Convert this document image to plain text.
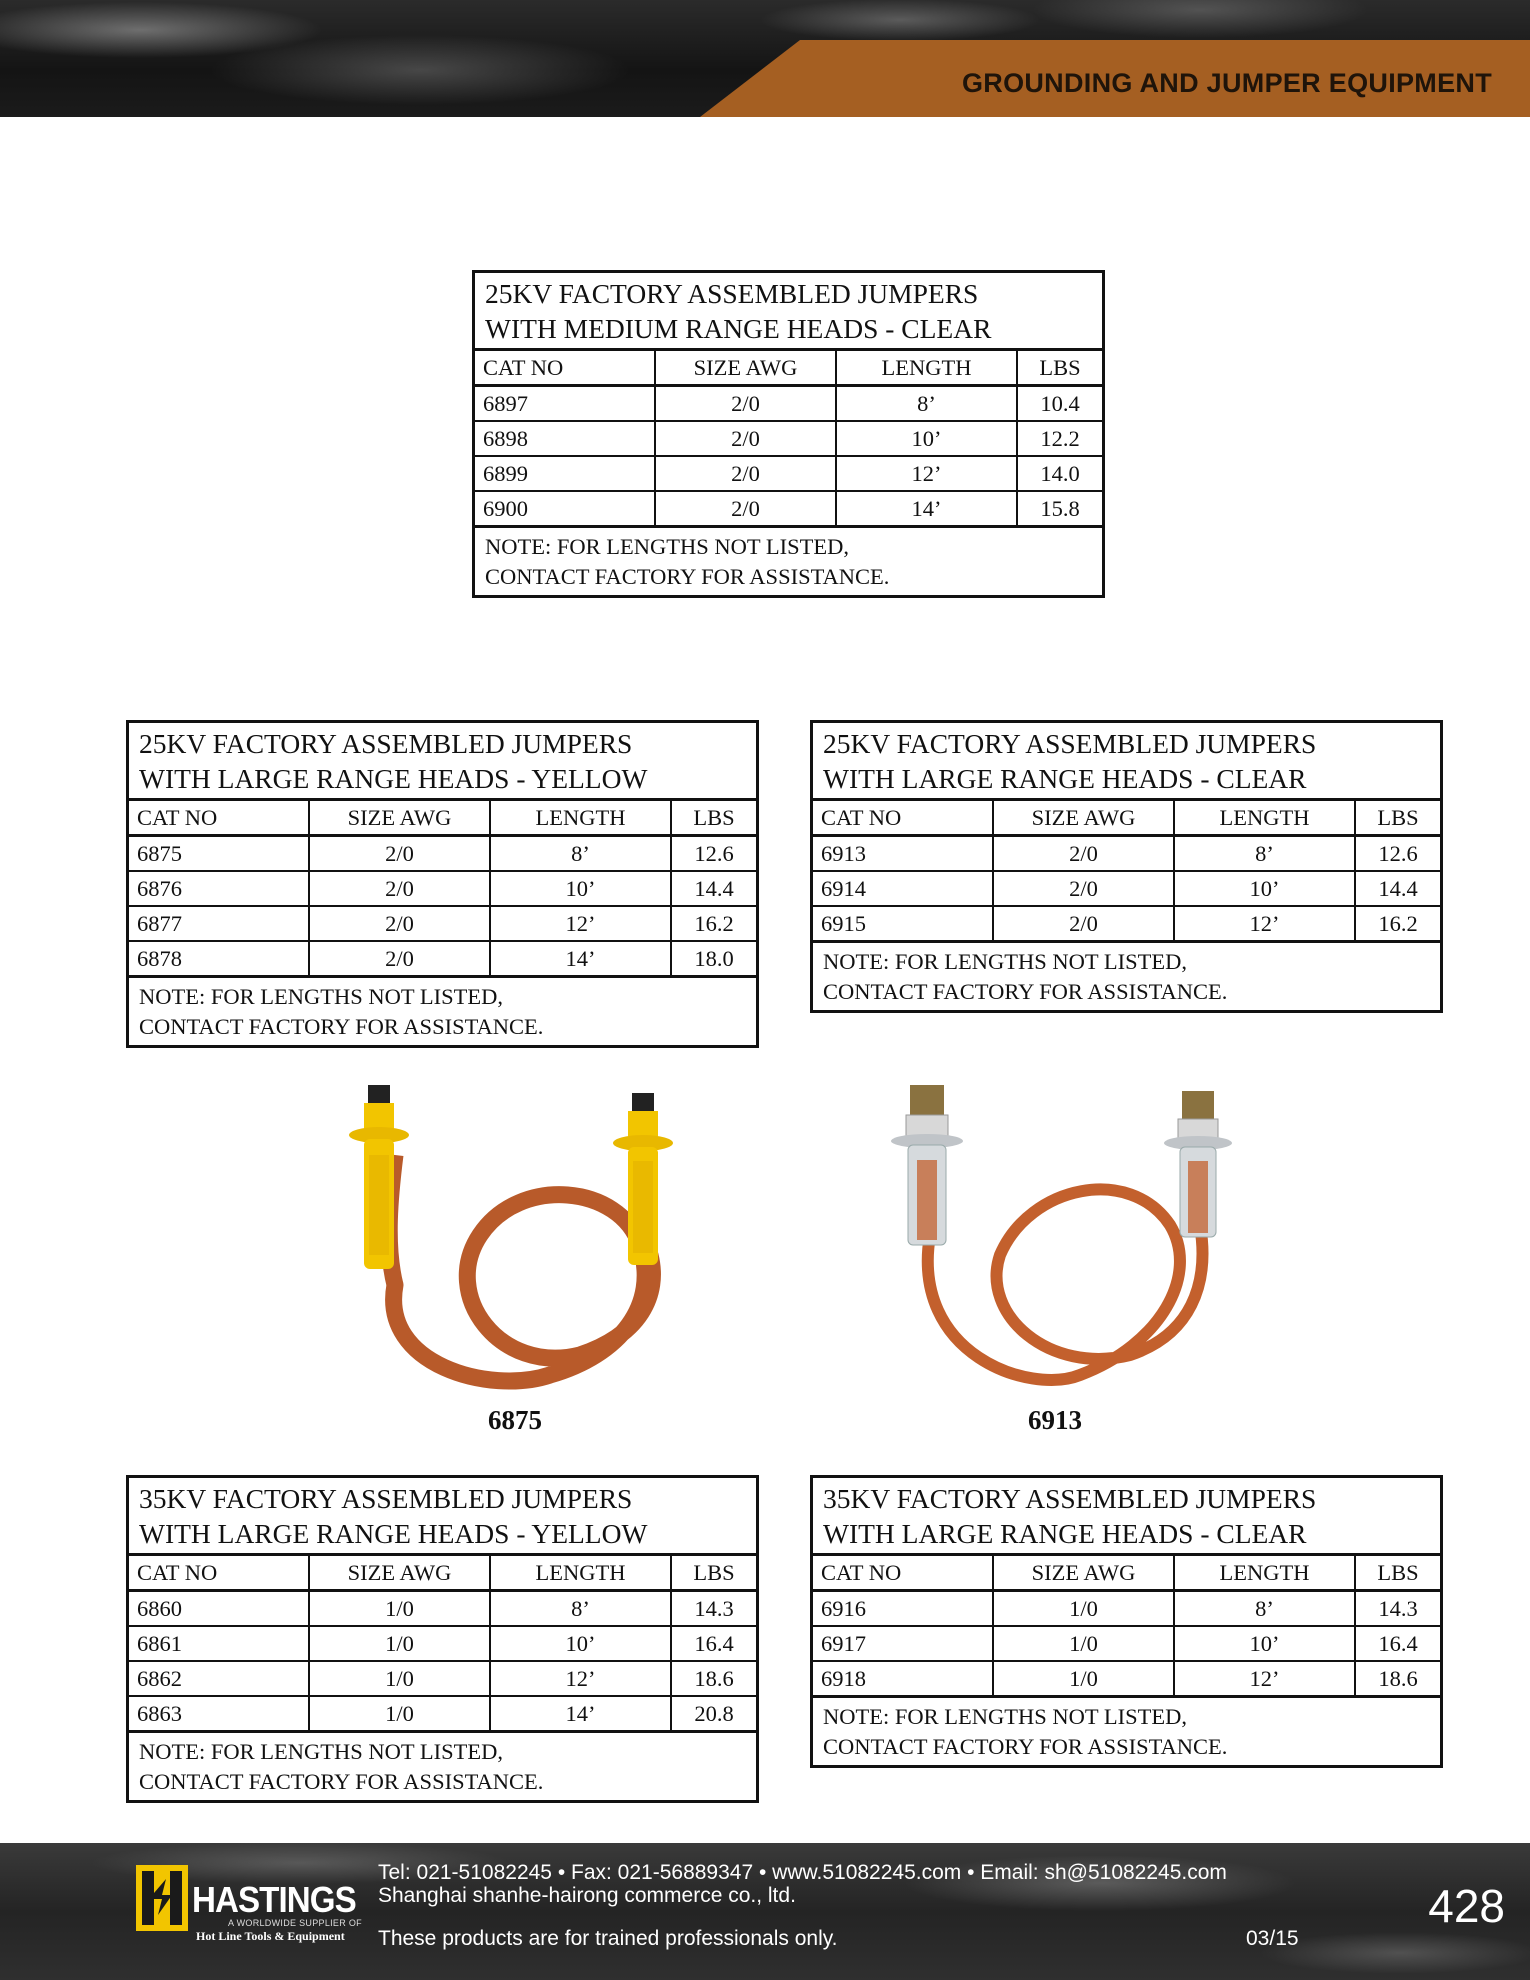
GROUNDING AND JUMPER EQUIPMENT
25KV FACTORY ASSEMBLED JUMPERS
WITH MEDIUM RANGE HEADS - CLEAR
CAT NO	SIZE AWG	LENGTH	LBS
6897	2/0	8’	10.4
6898	2/0	10’	12.2
6899	2/0	12’	14.0
6900	2/0	14’	15.8
NOTE: FOR LENGTHS NOT LISTED,
CONTACT FACTORY FOR ASSISTANCE.
25KV FACTORY ASSEMBLED JUMPERS
WITH LARGE RANGE HEADS - YELLOW
CAT NO	SIZE AWG	LENGTH	LBS
6875	2/0	8’	12.6
6876	2/0	10’	14.4
6877	2/0	12’	16.2
6878	2/0	14’	18.0
NOTE: FOR LENGTHS NOT LISTED,
CONTACT FACTORY FOR ASSISTANCE.
25KV FACTORY ASSEMBLED JUMPERS
WITH LARGE RANGE HEADS - CLEAR
CAT NO	SIZE AWG	LENGTH	LBS
6913	2/0	8’	12.6
6914	2/0	10’	14.4
6915	2/0	12’	16.2
NOTE: FOR LENGTHS NOT LISTED,
CONTACT FACTORY FOR ASSISTANCE.
35KV FACTORY ASSEMBLED JUMPERS
WITH LARGE RANGE HEADS - YELLOW
CAT NO	SIZE AWG	LENGTH	LBS
6860	1/0	8’	14.3
6861	1/0	10’	16.4
6862	1/0	12’	18.6
6863	1/0	14’	20.8
NOTE: FOR LENGTHS NOT LISTED,
CONTACT FACTORY FOR ASSISTANCE.
35KV FACTORY ASSEMBLED JUMPERS
WITH LARGE RANGE HEADS - CLEAR
CAT NO	SIZE AWG	LENGTH	LBS
6916	1/0	8’	14.3
6917	1/0	10’	16.4
6918	1/0	12’	18.6
NOTE: FOR LENGTHS NOT LISTED,
CONTACT FACTORY FOR ASSISTANCE.
6875	6913
HASTINGS
A WORLDWIDE SUPPLIER OF
Hot Line Tools & Equipment
Tel: 021-51082245 • Fax: 021-56889347 • www.51082245.com • Email: sh@51082245.com
Shanghai shanhe-hairong commerce co., ltd.
These products are for trained professionals only.	03/15
428
